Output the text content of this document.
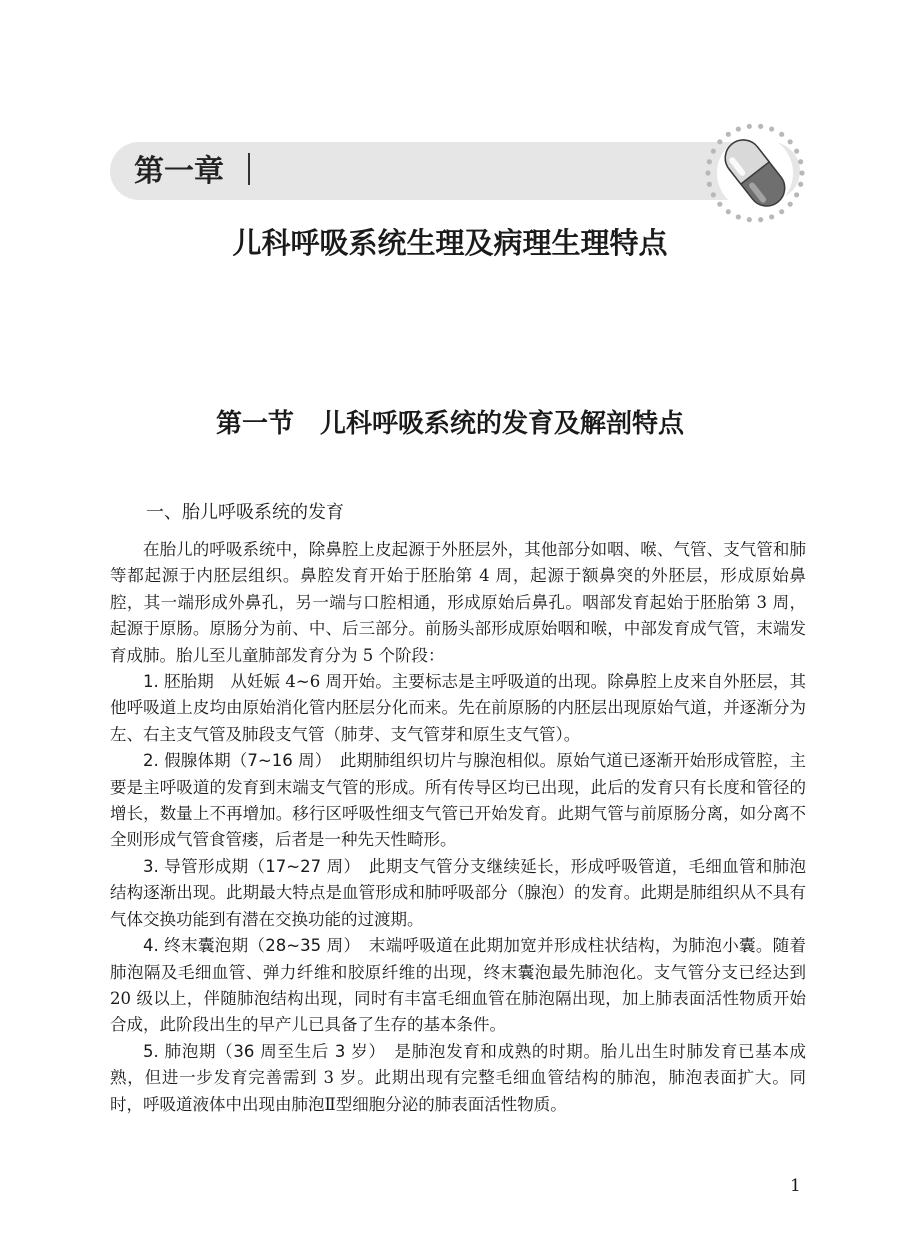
第一章
儿科呼吸系统生理及病理生理特点
第一节　儿科呼吸系统的发育及解剖特点
一、胎儿呼吸系统的发育

在胎儿的呼吸系统中，除鼻腔上皮起源于外胚层外，其他部分如咽、喉、气管、支气管和肺等都起源于内胚层组织。鼻腔发育开始于胚胎第 4 周，起源于额鼻突的外胚层，形成原始鼻腔，其一端形成外鼻孔，另一端与口腔相通，形成原始后鼻孔。咽部发育起始于胚胎第 3 周，起源于原肠。原肠分为前、中、后三部分。前肠头部形成原始咽和喉，中部发育成气管，末端发育成肺。胎儿至儿童肺部发育分为 5 个阶段：

1. 胚胎期　从妊娠 4~6 周开始。主要标志是主呼吸道的出现。除鼻腔上皮来自外胚层，其他呼吸道上皮均由原始消化管内胚层分化而来。先在前原肠的内胚层出现原始气道，并逐渐分为左、右主支气管及肺段支气管（肺芽、支气管芽和原生支气管）。

2. 假腺体期（7~16 周）　此期肺组织切片与腺泡相似。原始气道已逐渐开始形成管腔，主要是主呼吸道的发育到末端支气管的形成。所有传导区均已出现，此后的发育只有长度和管径的增长，数量上不再增加。移行区呼吸性细支气管已开始发育。此期气管与前原肠分离，如分离不全则形成气管食管瘘，后者是一种先天性畸形。

3. 导管形成期（17~27 周）　此期支气管分支继续延长，形成呼吸管道，毛细血管和肺泡结构逐渐出现。此期最大特点是血管形成和肺呼吸部分（腺泡）的发育。此期是肺组织从不具有气体交换功能到有潜在交换功能的过渡期。

4. 终末囊泡期（28~35 周）　末端呼吸道在此期加宽并形成柱状结构，为肺泡小囊。随着肺泡隔及毛细血管、弹力纤维和胶原纤维的出现，终末囊泡最先肺泡化。支气管分支已经达到 20 级以上，伴随肺泡结构出现，同时有丰富毛细血管在肺泡隔出现，加上肺表面活性物质开始合成，此阶段出生的早产儿已具备了生存的基本条件。

5. 肺泡期（36 周至生后 3 岁）　是肺泡发育和成熟的时期。胎儿出生时肺发育已基本成熟，但进一步发育完善需到 3 岁。此期出现有完整毛细血管结构的肺泡，肺泡表面扩大。同时，呼吸道液体中出现由肺泡Ⅱ型细胞分泌的肺表面活性物质。

1
